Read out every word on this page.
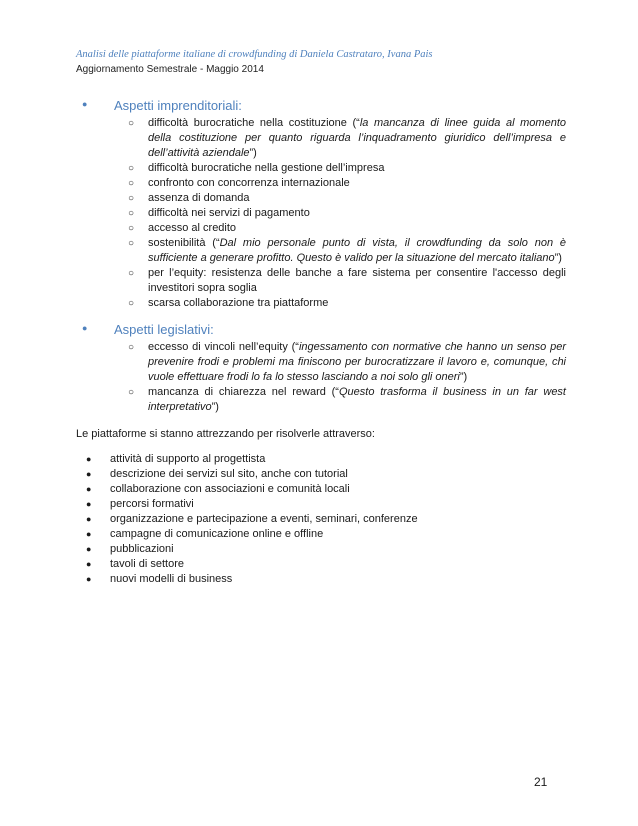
Analisi delle piattaforme italiane di crowdfunding di Daniela Castrataro, Ivana Pais
Aggiornamento Semestrale - Maggio 2014
● Aspetti imprenditoriali:
○ difficoltà burocratiche nella costituzione (“la mancanza di linee guida al momento della costituzione per quanto riguarda l’inquadramento giuridico dell’impresa e dell’attività aziendale”)
○ difficoltà burocratiche nella gestione dell’impresa
○ confronto con concorrenza internazionale
○ assenza di domanda
○ difficoltà nei servizi di pagamento
○ accesso al credito
○ sostenibilità (“Dal mio personale punto di vista, il crowdfunding da solo non è sufficiente a generare profitto. Questo è valido per la situazione del mercato italiano”)
○ per l’equity: resistenza delle banche a fare sistema per consentire l'accesso degli investitori sopra soglia
○ scarsa collaborazione tra piattaforme
● Aspetti legislativi:
○ eccesso di vincoli nell’equity (“ingessamento con normative che hanno un senso per prevenire frodi e problemi ma finiscono per burocratizzare il lavoro e, comunque, chi vuole effettuare frodi lo fa lo stesso lasciando a noi solo gli oneri”)
○ mancanza di chiarezza nel reward (“Questo trasforma il business in un far west interpretativo”)
Le piattaforme si stanno attrezzando per risolverle attraverso:
● attività di supporto al progettista
● descrizione dei servizi sul sito, anche con tutorial
● collaborazione con associazioni e comunità locali
● percorsi formativi
● organizzazione e partecipazione a eventi, seminari, conferenze
● campagne di comunicazione online e offline
● pubblicazioni
● tavoli di settore
● nuovi modelli di business
21
